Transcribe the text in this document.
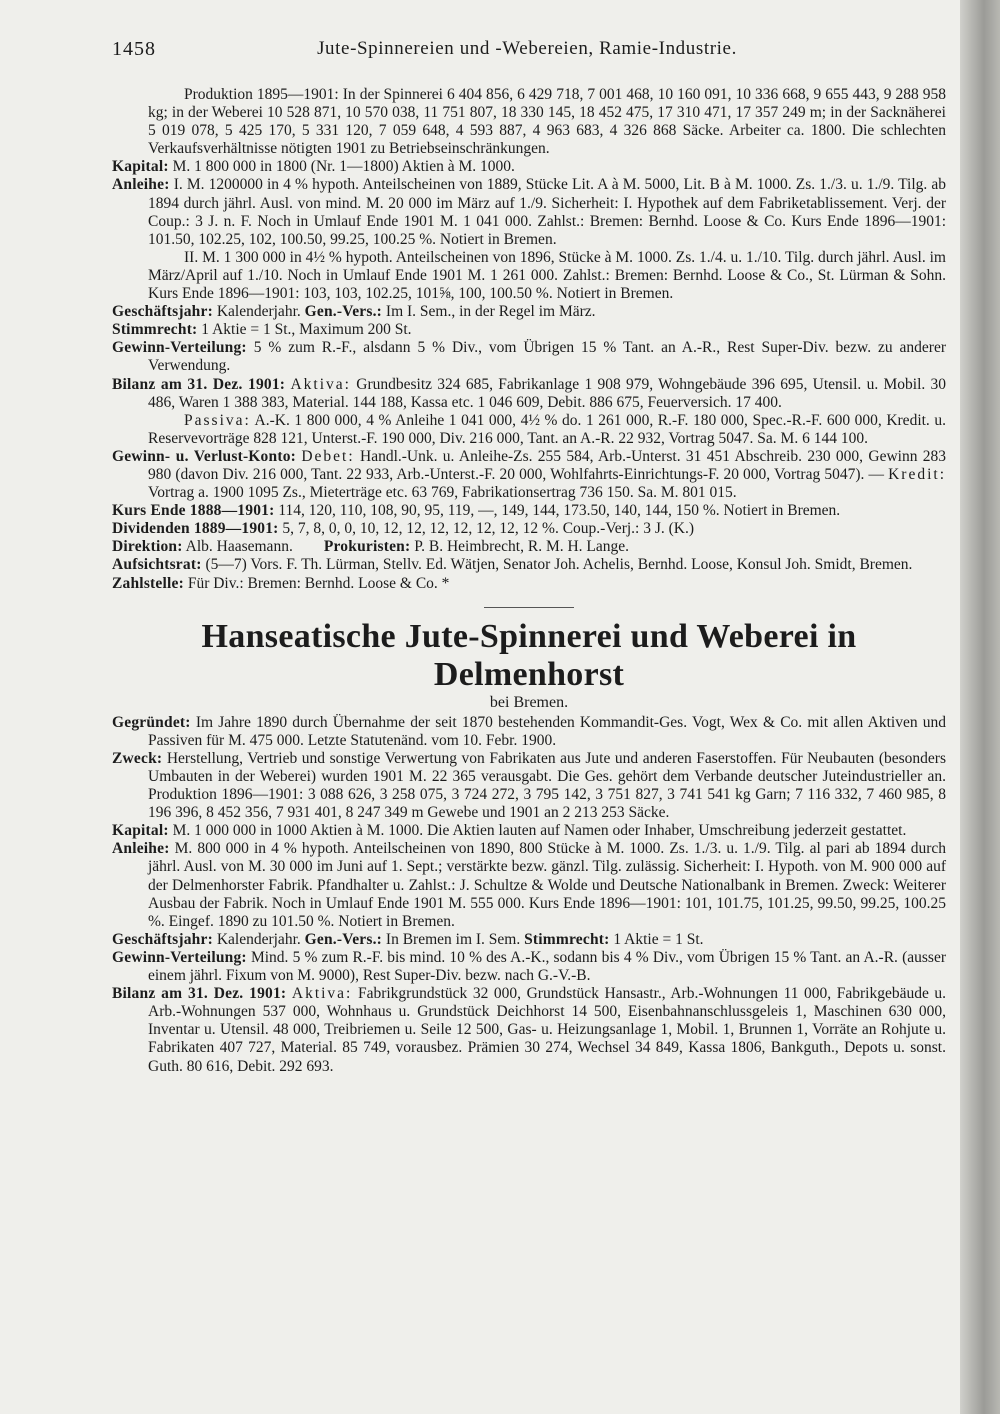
1458	Jute-Spinnereien und -Webereien, Ramie-Industrie.

Produktion 1895—1901: In der Spinnerei 6 404 856, 6 429 718, 7 001 468, 10 160 091, 10 336 668, 9 655 443, 9 288 958 kg; in der Weberei 10 528 871, 10 570 038, 11 751 807, 18 330 145, 18 452 475, 17 310 471, 17 357 249 m; in der Sacknäherei 5 019 078, 5 425 170, 5 331 120, 7 059 648, 4 593 887, 4 963 683, 4 326 868 Säcke. Arbeiter ca. 1800. Die schlechten Verkaufsverhältnisse nötigten 1901 zu Betriebseinschränkungen.

Kapital: M. 1 800 000 in 1800 (Nr. 1—1800) Aktien à M. 1000.

Anleihe: I. M. 1200000 in 4 % hypoth. Anteilscheinen von 1889, Stücke Lit. A à M. 5000, Lit. B à M. 1000. Zs. 1./3. u. 1./9. Tilg. ab 1894 durch jährl. Ausl. von mind. M. 20 000 im März auf 1./9. Sicherheit: I. Hypothek auf dem Fabriketablissement. Verj. der Coup.: 3 J. n. F. Noch in Umlauf Ende 1901 M. 1 041 000. Zahlst.: Bremen: Bernhd. Loose & Co. Kurs Ende 1896—1901: 101.50, 102.25, 102, 100.50, 99.25, 100.25 %. Notiert in Bremen.

II. M. 1 300 000 in 4½ % hypoth. Anteilscheinen von 1896, Stücke à M. 1000. Zs. 1./4. u. 1./10. Tilg. durch jährl. Ausl. im März/April auf 1./10. Noch in Umlauf Ende 1901 M. 1 261 000. Zahlst.: Bremen: Bernhd. Loose & Co., St. Lürman & Sohn. Kurs Ende 1896—1901: 103, 103, 102.25, 101⅝, 100, 100.50 %. Notiert in Bremen.

Geschäftsjahr: Kalenderjahr. Gen.-Vers.: Im I. Sem., in der Regel im März.

Stimmrecht: 1 Aktie = 1 St., Maximum 200 St.

Gewinn-Verteilung: 5 % zum R.-F., alsdann 5 % Div., vom Übrigen 15 % Tant. an A.-R., Rest Super-Div. bezw. zu anderer Verwendung.

Bilanz am 31. Dez. 1901: Aktiva: Grundbesitz 324 685, Fabrikanlage 1 908 979, Wohngebäude 396 695, Utensil. u. Mobil. 30 486, Waren 1 388 383, Material. 144 188, Kassa etc. 1 046 609, Debit. 886 675, Feuerversich. 17 400.

Passiva: A.-K. 1 800 000, 4 % Anleihe 1 041 000, 4½ % do. 1 261 000, R.-F. 180 000, Spec.-R.-F. 600 000, Kredit. u. Reservevorträge 828 121, Unterst.-F. 190 000, Div. 216 000, Tant. an A.-R. 22 932, Vortrag 5047. Sa. M. 6 144 100.

Gewinn- u. Verlust-Konto: Debet: Handl.-Unk. u. Anleihe-Zs. 255 584, Arb.-Unterst. 31 451 Abschreib. 230 000, Gewinn 283 980 (davon Div. 216 000, Tant. 22 933, Arb.-Unterst.-F. 20 000, Wohlfahrts-Einrichtungs-F. 20 000, Vortrag 5047). — Kredit: Vortrag a. 1900 1095 Zs., Mieterträge etc. 63 769, Fabrikationsertrag 736 150. Sa. M. 801 015.

Kurs Ende 1888—1901: 114, 120, 110, 108, 90, 95, 119, —, 149, 144, 173.50, 140, 144, 150 %. Notiert in Bremen.

Dividenden 1889—1901: 5, 7, 8, 0, 0, 10, 12, 12, 12, 12, 12, 12, 12 %. Coup.-Verj.: 3 J. (K.)

Direktion: Alb. Haasemann. Prokuristen: P. B. Heimbrecht, R. M. H. Lange.

Aufsichtsrat: (5—7) Vors. F. Th. Lürman, Stellv. Ed. Wätjen, Senator Joh. Achelis, Bernhd. Loose, Konsul Joh. Smidt, Bremen.

Zahlstelle: Für Div.: Bremen: Bernhd. Loose & Co. *

Hanseatische Jute-Spinnerei und Weberei in Delmenhorst

bei Bremen.

Gegründet: Im Jahre 1890 durch Übernahme der seit 1870 bestehenden Kommandit-Ges. Vogt, Wex & Co. mit allen Aktiven und Passiven für M. 475 000. Letzte Statutenänd. vom 10. Febr. 1900.

Zweck: Herstellung, Vertrieb und sonstige Verwertung von Fabrikaten aus Jute und anderen Faserstoffen. Für Neubauten (besonders Umbauten in der Weberei) wurden 1901 M. 22 365 verausgabt. Die Ges. gehört dem Verbande deutscher Juteindustrieller an. Produktion 1896—1901: 3 088 626, 3 258 075, 3 724 272, 3 795 142, 3 751 827, 3 741 541 kg Garn; 7 116 332, 7 460 985, 8 196 396, 8 452 356, 7 931 401, 8 247 349 m Gewebe und 1901 an 2 213 253 Säcke.

Kapital: M. 1 000 000 in 1000 Aktien à M. 1000. Die Aktien lauten auf Namen oder Inhaber, Umschreibung jederzeit gestattet.

Anleihe: M. 800 000 in 4 % hypoth. Anteilscheinen von 1890, 800 Stücke à M. 1000. Zs. 1./3. u. 1./9. Tilg. al pari ab 1894 durch jährl. Ausl. von M. 30 000 im Juni auf 1. Sept.; verstärkte bezw. gänzl. Tilg. zulässig. Sicherheit: I. Hypoth. von M. 900 000 auf der Delmenhorster Fabrik. Pfandhalter u. Zahlst.: J. Schultze & Wolde und Deutsche Nationalbank in Bremen. Zweck: Weiterer Ausbau der Fabrik. Noch in Umlauf Ende 1901 M. 555 000. Kurs Ende 1896—1901: 101, 101.75, 101.25, 99.50, 99.25, 100.25 %. Eingef. 1890 zu 101.50 %. Notiert in Bremen.

Geschäftsjahr: Kalenderjahr. Gen.-Vers.: In Bremen im I. Sem. Stimmrecht: 1 Aktie = 1 St.

Gewinn-Verteilung: Mind. 5 % zum R.-F. bis mind. 10 % des A.-K., sodann bis 4 % Div., vom Übrigen 15 % Tant. an A.-R. (ausser einem jährl. Fixum von M. 9000), Rest Super-Div. bezw. nach G.-V.-B.

Bilanz am 31. Dez. 1901: Aktiva: Fabrikgrundstück 32 000, Grundstück Hansastr., Arb.-Wohnungen 11 000, Fabrikgebäude u. Arb.-Wohnungen 537 000, Wohnhaus u. Grundstück Deichhorst 14 500, Eisenbahnanschlussgeleis 1, Maschinen 630 000, Inventar u. Utensil. 48 000, Treibriemen u. Seile 12 500, Gas- u. Heizungsanlage 1, Mobil. 1, Brunnen 1, Vorräte an Rohjute u. Fabrikaten 407 727, Material. 85 749, vorausbez. Prämien 30 274, Wechsel 34 849, Kassa 1806, Bankguth., Depots u. sonst. Guth. 80 616, Debit. 292 693.
